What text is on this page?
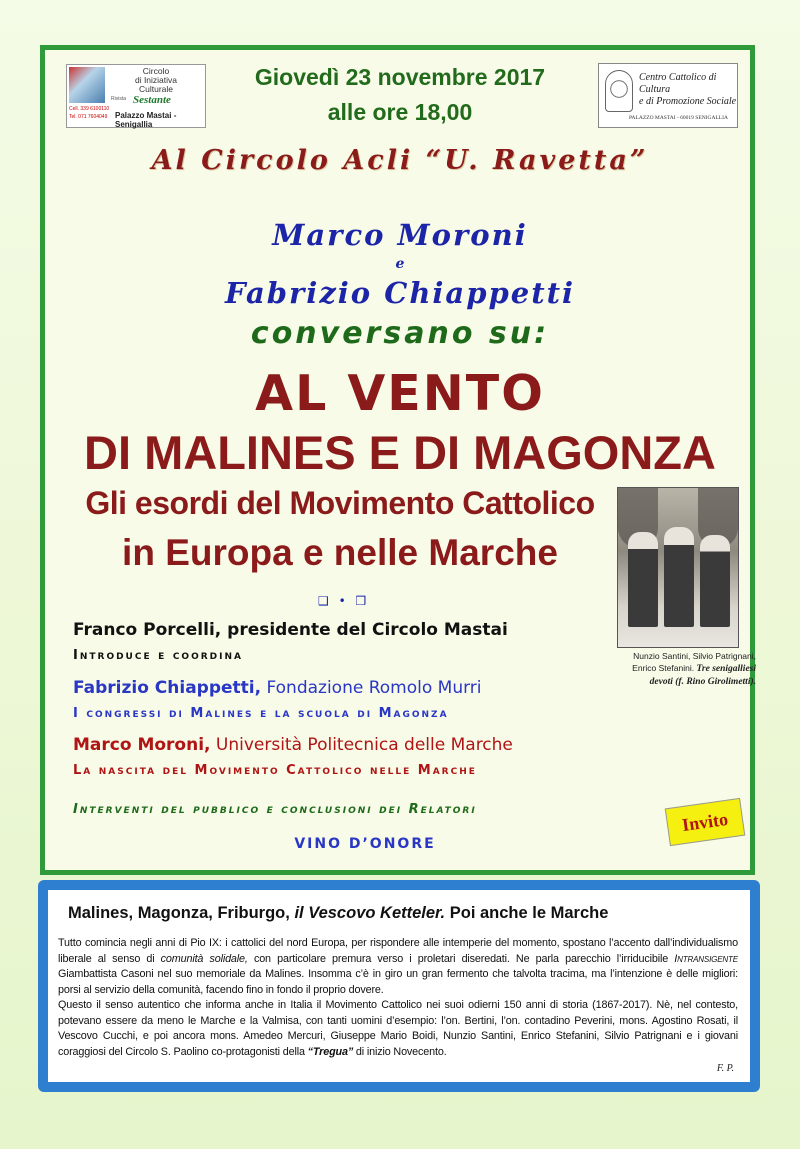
Circolo
di Iniziativa
Culturale
Rivista Sestante
Cell. 339 6100110
Tel. 071 7604049 Palazzo Mastai - Senigallia
Centro Cattolico di Cultura
e di Promozione Sociale
PALAZZO MASTAI - 60019 SENIGALLIA
Giovedì 23 novembre 2017
alle ore 18,00
Al Circolo Acli “U. Ravetta”
Marco Moroni
e
Fabrizio Chiappetti
conversano su:
AL VENTO
DI MALINES E DI MAGONZA
Gli esordi del Movimento Cattolico
in Europa e nelle Marche
Nunzio Santini, Silvio Patrignani, Enrico Stefanini. Tre senigalliesi devoti (f. Rino Girolimetti).
❑ • ❒
Franco Porcelli, presidente del Circolo Mastai
Introduce e coordina
Fabrizio Chiappetti, Fondazione Romolo Murri
I congressi di Malines e la scuola di Magonza
Marco Moroni, Università Politecnica delle Marche
La nascita del Movimento Cattolico nelle Marche
Interventi del pubblico e conclusioni dei Relatori
VINO D’ONORE
Invito
Malines, Magonza, Friburgo, il Vescovo Ketteler. Poi anche le Marche
Tutto comincia negli anni di Pio IX: i cattolici del nord Europa, per rispondere alle intemperie del momento, spostano l’accento dall’individualismo liberale al senso di comunità solidale, con particolare premura verso i proletari diseredati. Ne parla parecchio l’irriducibile Intransigente Giambattista Casoni nel suo memoriale da Malines. Insomma c’è in giro un gran fermento che talvolta tracima, ma l’intenzione è delle migliori: porsi al servizio della comunità, facendo fino in fondo il proprio dovere.
Questo il senso autentico che informa anche in Italia il Movimento Cattolico nei suoi odierni 150 anni di storia (1867-2017). Nè, nel contesto, potevano essere da meno le Marche e la Valmisa, con tanti uomini d’esempio: l’on. Bertini, l’on. contadino Peverini, mons. Agostino Rosati, il Vescovo Cucchi, e poi ancora mons. Amedeo Mercuri, Giuseppe Mario Boidi, Nunzio Santini, Enrico Stefanini, Silvio Patrignani e i giovani coraggiosi del Circolo S. Paolino co-protagonisti della “Tregua” di inizio Novecento.
F. P.
